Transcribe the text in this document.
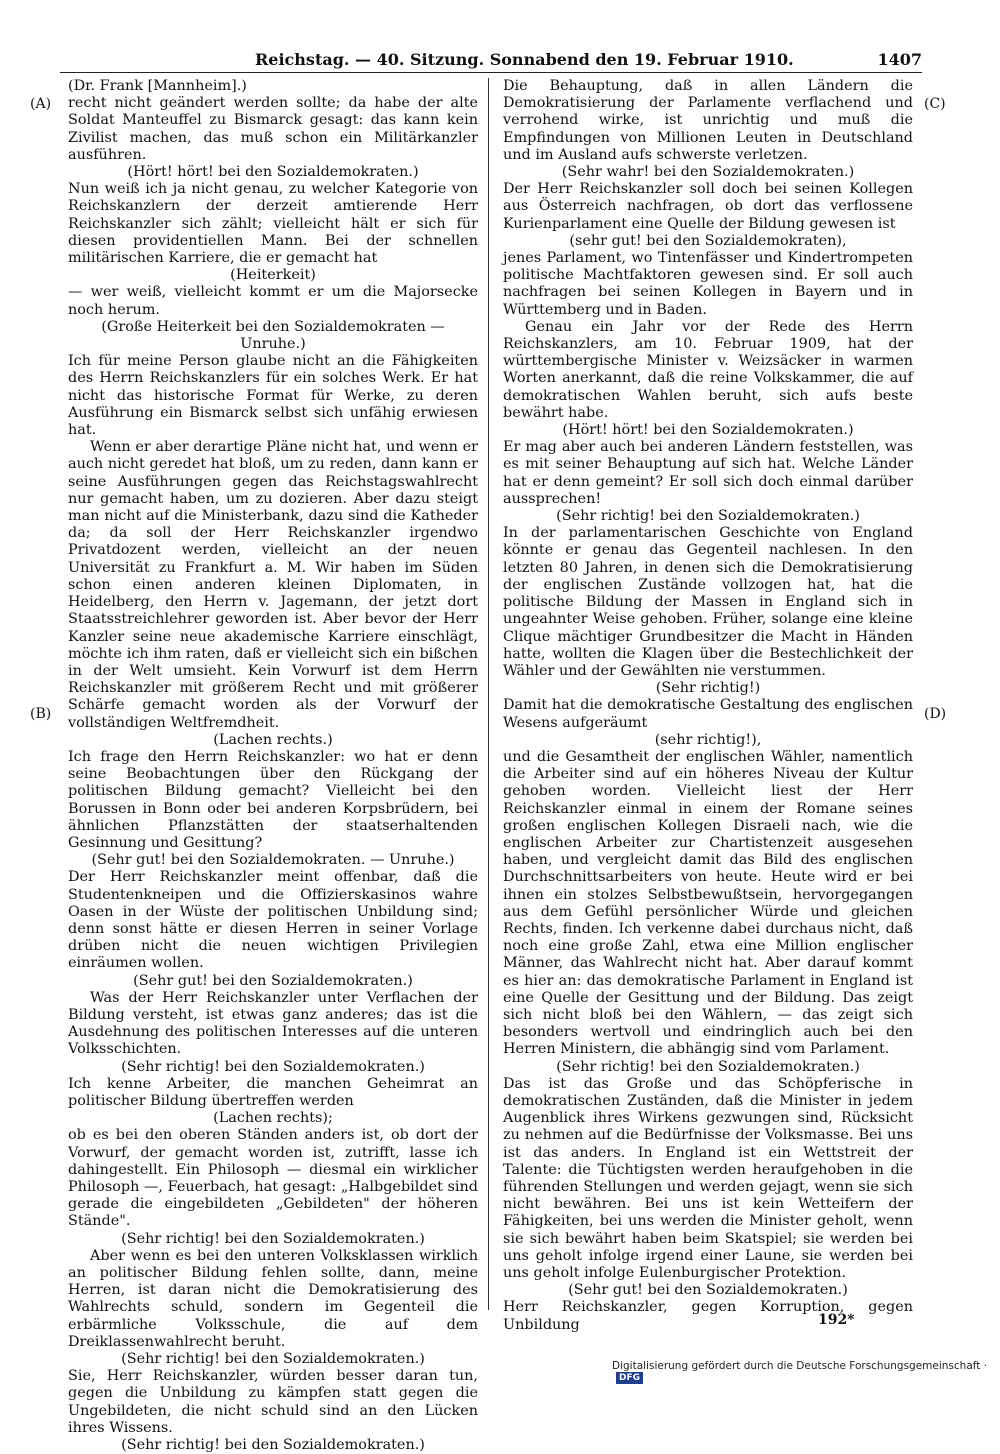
Reichstag. — 40. Sitzung. Sonnabend den 19. Februar 1910.	1407
(A)
(B)
(C)
(D)

(Dr. Frank [Mannheim].)

recht nicht geändert werden sollte; da habe der alte Soldat Manteuffel zu Bismarck gesagt: das kann kein Zivilist machen, das muß schon ein Militärkanzler ausführen.

(Hört! hört! bei den Sozialdemokraten.)

Nun weiß ich ja nicht genau, zu welcher Kategorie von Reichskanzlern der derzeit amtierende Herr Reichskanzler sich zählt; vielleicht hält er sich für diesen providentiellen Mann. Bei der schnellen militärischen Karriere, die er gemacht hat

(Heiterkeit)

— wer weiß, vielleicht kommt er um die Majorsecke noch herum.

(Große Heiterkeit bei den Sozialdemokraten — Unruhe.)

Ich für meine Person glaube nicht an die Fähigkeiten des Herrn Reichskanzlers für ein solches Werk. Er hat nicht das historische Format für Werke, zu deren Ausführung ein Bismarck selbst sich unfähig erwiesen hat.

Wenn er aber derartige Pläne nicht hat, und wenn er auch nicht geredet hat bloß, um zu reden, dann kann er seine Ausführungen gegen das Reichstagswahlrecht nur gemacht haben, um zu dozieren. Aber dazu steigt man nicht auf die Ministerbank, dazu sind die Katheder da; da soll der Herr Reichskanzler irgendwo Privatdozent werden, vielleicht an der neuen Universität zu Frankfurt a. M. Wir haben im Süden schon einen anderen kleinen Diplomaten, in Heidelberg, den Herrn v. Jagemann, der jetzt dort Staatsstreichlehrer geworden ist. Aber bevor der Herr Kanzler seine neue akademische Karriere einschlägt, möchte ich ihm raten, daß er vielleicht sich ein bißchen in der Welt umsieht. Kein Vorwurf ist dem Herrn Reichskanzler mit größerem Recht und mit größerer Schärfe gemacht worden als der Vorwurf der vollständigen Weltfremdheit.

(Lachen rechts.)

Ich frage den Herrn Reichskanzler: wo hat er denn seine Beobachtungen über den Rückgang der politischen Bildung gemacht? Vielleicht bei den Borussen in Bonn oder bei anderen Korpsbrüdern, bei ähnlichen Pflanzstätten der staatserhaltenden Gesinnung und Gesittung?

(Sehr gut! bei den Sozialdemokraten. — Unruhe.)

Der Herr Reichskanzler meint offenbar, daß die Studentenkneipen und die Offizierskasinos wahre Oasen in der Wüste der politischen Unbildung sind; denn sonst hätte er diesen Herren in seiner Vorlage drüben nicht die neuen wichtigen Privilegien einräumen wollen.

(Sehr gut! bei den Sozialdemokraten.)

Was der Herr Reichskanzler unter Verflachen der Bildung versteht, ist etwas ganz anderes; das ist die Ausdehnung des politischen Interesses auf die unteren Volksschichten.

(Sehr richtig! bei den Sozialdemokraten.)

Ich kenne Arbeiter, die manchen Geheimrat an politischer Bildung übertreffen werden

(Lachen rechts);

ob es bei den oberen Ständen anders ist, ob dort der Vorwurf, der gemacht worden ist, zutrifft, lasse ich dahingestellt. Ein Philosoph — diesmal ein wirklicher Philosoph —, Feuerbach, hat gesagt: „Halbgebildet sind gerade die eingebildeten „Gebildeten" der höheren Stände".

(Sehr richtig! bei den Sozialdemokraten.)

Aber wenn es bei den unteren Volksklassen wirklich an politischer Bildung fehlen sollte, dann, meine Herren, ist daran nicht die Demokratisierung des Wahlrechts schuld, sondern im Gegenteil die erbärmliche Volksschule, die auf dem Dreiklassenwahlrecht beruht.

(Sehr richtig! bei den Sozialdemokraten.)

Sie, Herr Reichskanzler, würden besser daran tun, gegen die Unbildung zu kämpfen statt gegen die Ungebildeten, die nicht schuld sind an den Lücken ihres Wissens.

(Sehr richtig! bei den Sozialdemokraten.)

Die Behauptung, daß in allen Ländern die Demokratisierung der Parlamente verflachend und verrohend wirke, ist unrichtig und muß die Empfindungen von Millionen Leuten in Deutschland und im Ausland aufs schwerste verletzen.

(Sehr wahr! bei den Sozialdemokraten.)

Der Herr Reichskanzler soll doch bei seinen Kollegen aus Österreich nachfragen, ob dort das verflossene Kurienparlament eine Quelle der Bildung gewesen ist

(sehr gut! bei den Sozialdemokraten),

jenes Parlament, wo Tintenfässer und Kindertrompeten politische Machtfaktoren gewesen sind. Er soll auch nachfragen bei seinen Kollegen in Bayern und in Württemberg und in Baden.

Genau ein Jahr vor der Rede des Herrn Reichskanzlers, am 10. Februar 1909, hat der württembergische Minister v. Weizsäcker in warmen Worten anerkannt, daß die reine Volkskammer, die auf demokratischen Wahlen beruht, sich aufs beste bewährt habe.

(Hört! hört! bei den Sozialdemokraten.)

Er mag aber auch bei anderen Ländern feststellen, was es mit seiner Behauptung auf sich hat. Welche Länder hat er denn gemeint? Er soll sich doch einmal darüber aussprechen!

(Sehr richtig! bei den Sozialdemokraten.)

In der parlamentarischen Geschichte von England könnte er genau das Gegenteil nachlesen. In den letzten 80 Jahren, in denen sich die Demokratisierung der englischen Zustände vollzogen hat, hat die politische Bildung der Massen in England sich in ungeahnter Weise gehoben. Früher, solange eine kleine Clique mächtiger Grundbesitzer die Macht in Händen hatte, wollten die Klagen über die Bestechlichkeit der Wähler und der Gewählten nie verstummen.

(Sehr richtig!)

Damit hat die demokratische Gestaltung des englischen Wesens aufgeräumt

(sehr richtig!),

und die Gesamtheit der englischen Wähler, namentlich die Arbeiter sind auf ein höheres Niveau der Kultur gehoben worden. Vielleicht liest der Herr Reichskanzler einmal in einem der Romane seines großen englischen Kollegen Disraeli nach, wie die englischen Arbeiter zur Chartistenzeit ausgesehen haben, und vergleicht damit das Bild des englischen Durchschnittsarbeiters von heute. Heute wird er bei ihnen ein stolzes Selbstbewußtsein, hervorgegangen aus dem Gefühl persönlicher Würde und gleichen Rechts, finden. Ich verkenne dabei durchaus nicht, daß noch eine große Zahl, etwa eine Million englischer Männer, das Wahlrecht nicht hat. Aber darauf kommt es hier an: das demokratische Parlament in England ist eine Quelle der Gesittung und der Bildung. Das zeigt sich nicht bloß bei den Wählern, — das zeigt sich besonders wertvoll und eindringlich auch bei den Herren Ministern, die abhängig sind vom Parlament.

(Sehr richtig! bei den Sozialdemokraten.)

Das ist das Große und das Schöpferische in demokratischen Zuständen, daß die Minister in jedem Augenblick ihres Wirkens gezwungen sind, Rücksicht zu nehmen auf die Bedürfnisse der Volksmasse. Bei uns ist das anders. In England ist ein Wettstreit der Talente: die Tüchtigsten werden heraufgehoben in die führenden Stellungen und werden gejagt, wenn sie sich nicht bewähren. Bei uns ist kein Wetteifern der Fähigkeiten, bei uns werden die Minister geholt, wenn sie sich bewährt haben beim Skatspiel; sie werden bei uns geholt infolge irgend einer Laune, sie werden bei uns geholt infolge Eulenburgischer Protektion.

(Sehr gut! bei den Sozialdemokraten.)

Herr Reichskanzler, gegen Korruption, gegen Unbildung	192*
Digitalisierung gefördert durch die Deutsche Forschungsgemeinschaft ·DFG
